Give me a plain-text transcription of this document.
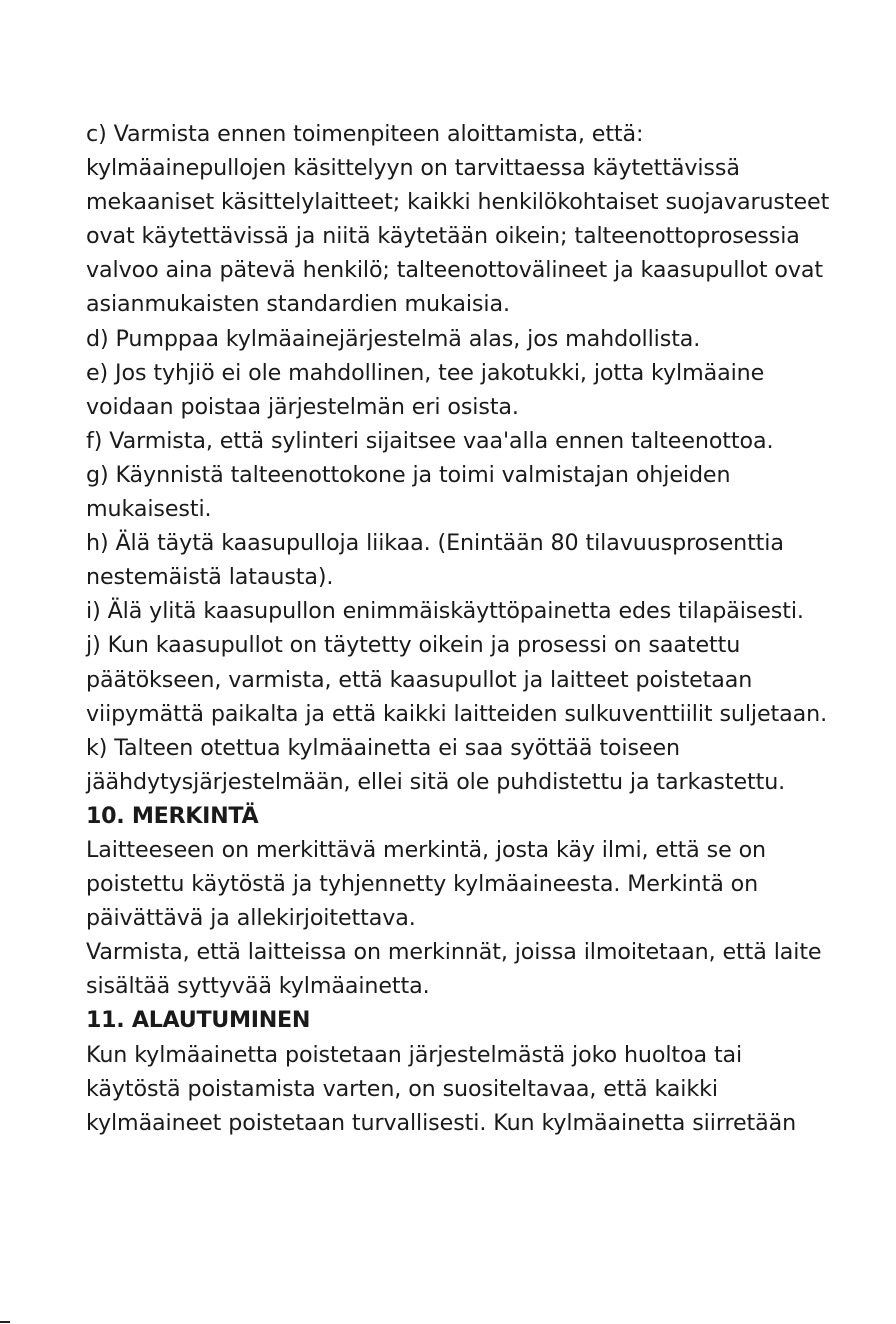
c) Varmista ennen toimenpiteen aloittamista, että:
kylmäainepullojen käsittelyyn on tarvittaessa käytettävissä
mekaaniset käsittelylaitteet; kaikki henkilökohtaiset suojavarusteet
ovat käytettävissä ja niitä käytetään oikein; talteenottoprosessia
valvoo aina pätevä henkilö; talteenottovälineet ja kaasupullot ovat
asianmukaisten standardien mukaisia.
d) Pumppaa kylmäainejärjestelmä alas, jos mahdollista.
e) Jos tyhjiö ei ole mahdollinen, tee jakotukki, jotta kylmäaine
voidaan poistaa järjestelmän eri osista.
f) Varmista, että sylinteri sijaitsee vaa'alla ennen talteenottoa.
g) Käynnistä talteenottokone ja toimi valmistajan ohjeiden
mukaisesti.
h) Älä täytä kaasupulloja liikaa. (Enintään 80 tilavuusprosenttia
nestemäistä latausta).
i) Älä ylitä kaasupullon enimmäiskäyttöpainetta edes tilapäisesti.
j) Kun kaasupullot on täytetty oikein ja prosessi on saatettu
päätökseen, varmista, että kaasupullot ja laitteet poistetaan
viipymättä paikalta ja että kaikki laitteiden sulkuventtiilit suljetaan.
k) Talteen otettua kylmäainetta ei saa syöttää toiseen
jäähdytysjärjestelmään, ellei sitä ole puhdistettu ja tarkastettu.
10. MERKINTÄ
Laitteeseen on merkittävä merkintä, josta käy ilmi, että se on
poistettu käytöstä ja tyhjennetty kylmäaineesta. Merkintä on
päivättävä ja allekirjoitettava.
Varmista, että laitteissa on merkinnät, joissa ilmoitetaan, että laite
sisältää syttyvää kylmäainetta.
11. ALAUTUMINEN
Kun kylmäainetta poistetaan järjestelmästä joko huoltoa tai
käytöstä poistamista varten, on suositeltavaa, että kaikki
kylmäaineet poistetaan turvallisesti. Kun kylmäainetta siirretään
